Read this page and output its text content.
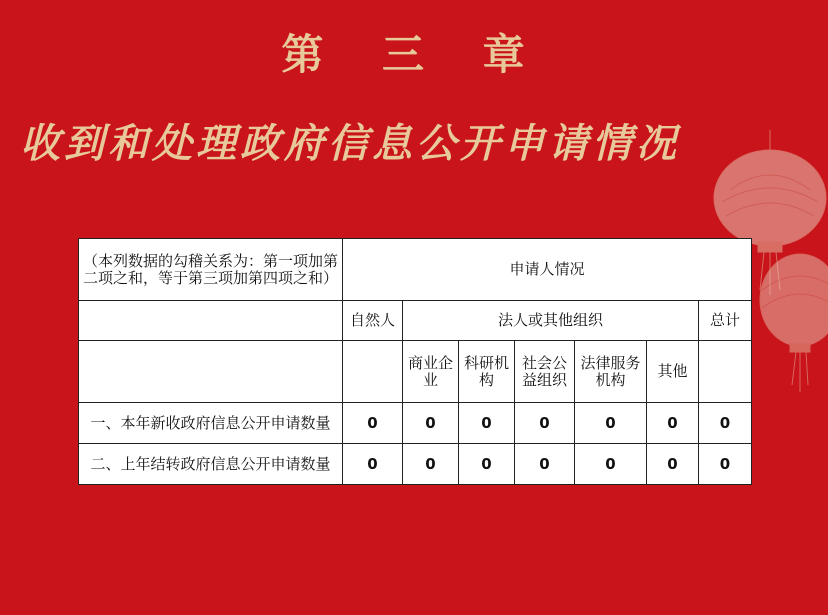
第 三 章
收到和处理政府信息公开申请情况
（本列数据的勾稽关系为：第一项加第二项之和，等于第三项加第四项之和）	申请人情况						
	自然人	法人或其他组织					总计
		商业企业	科研机构	社会公益组织	法律服务机构	其他	
一、本年新收政府信息公开申请数量	0	0	0	0	0	0	0
二、上年结转政府信息公开申请数量	0	0	0	0	0	0	0
